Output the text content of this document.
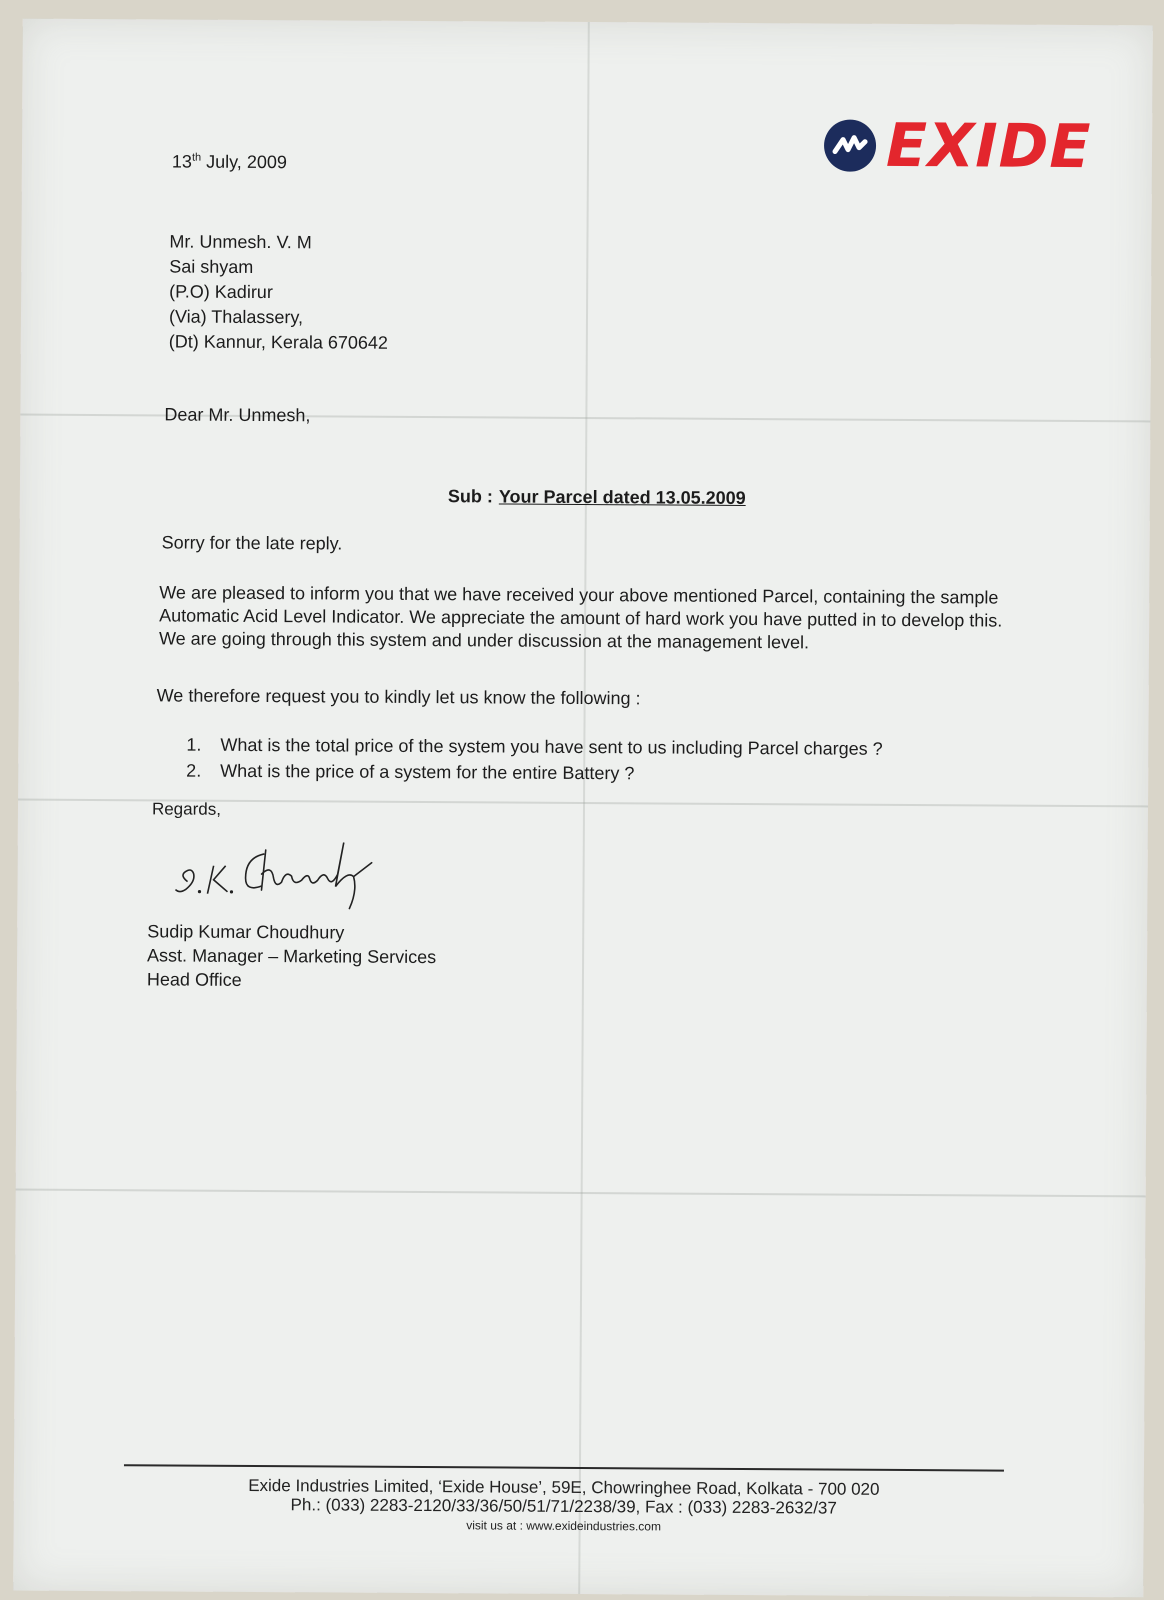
EXIDE
13th July, 2009
Mr. Unmesh. V. M
Sai shyam
(P.O) Kadirur
(Via) Thalassery,
(Dt) Kannur, Kerala 670642
Dear Mr. Unmesh,
Sub : Your Parcel dated 13.05.2009
Sorry for the late reply.
We are pleased to inform you that we have received your above mentioned Parcel, containing the sample Automatic Acid Level Indicator. We appreciate the amount of hard work you have putted in to develop this. We are going through this system and under discussion at the management level.
We therefore request you to kindly let us know the following :
1. What is the total price of the system you have sent to us including Parcel charges ?
2. What is the price of a system for the entire Battery ?
Regards,
Sudip Kumar Choudhury
Asst. Manager – Marketing Services
Head Office
Exide Industries Limited, ‘Exide House’, 59E, Chowringhee Road, Kolkata - 700 020
Ph.: (033) 2283-2120/33/36/50/51/71/2238/39, Fax : (033) 2283-2632/37
visit us at : www.exideindustries.com
